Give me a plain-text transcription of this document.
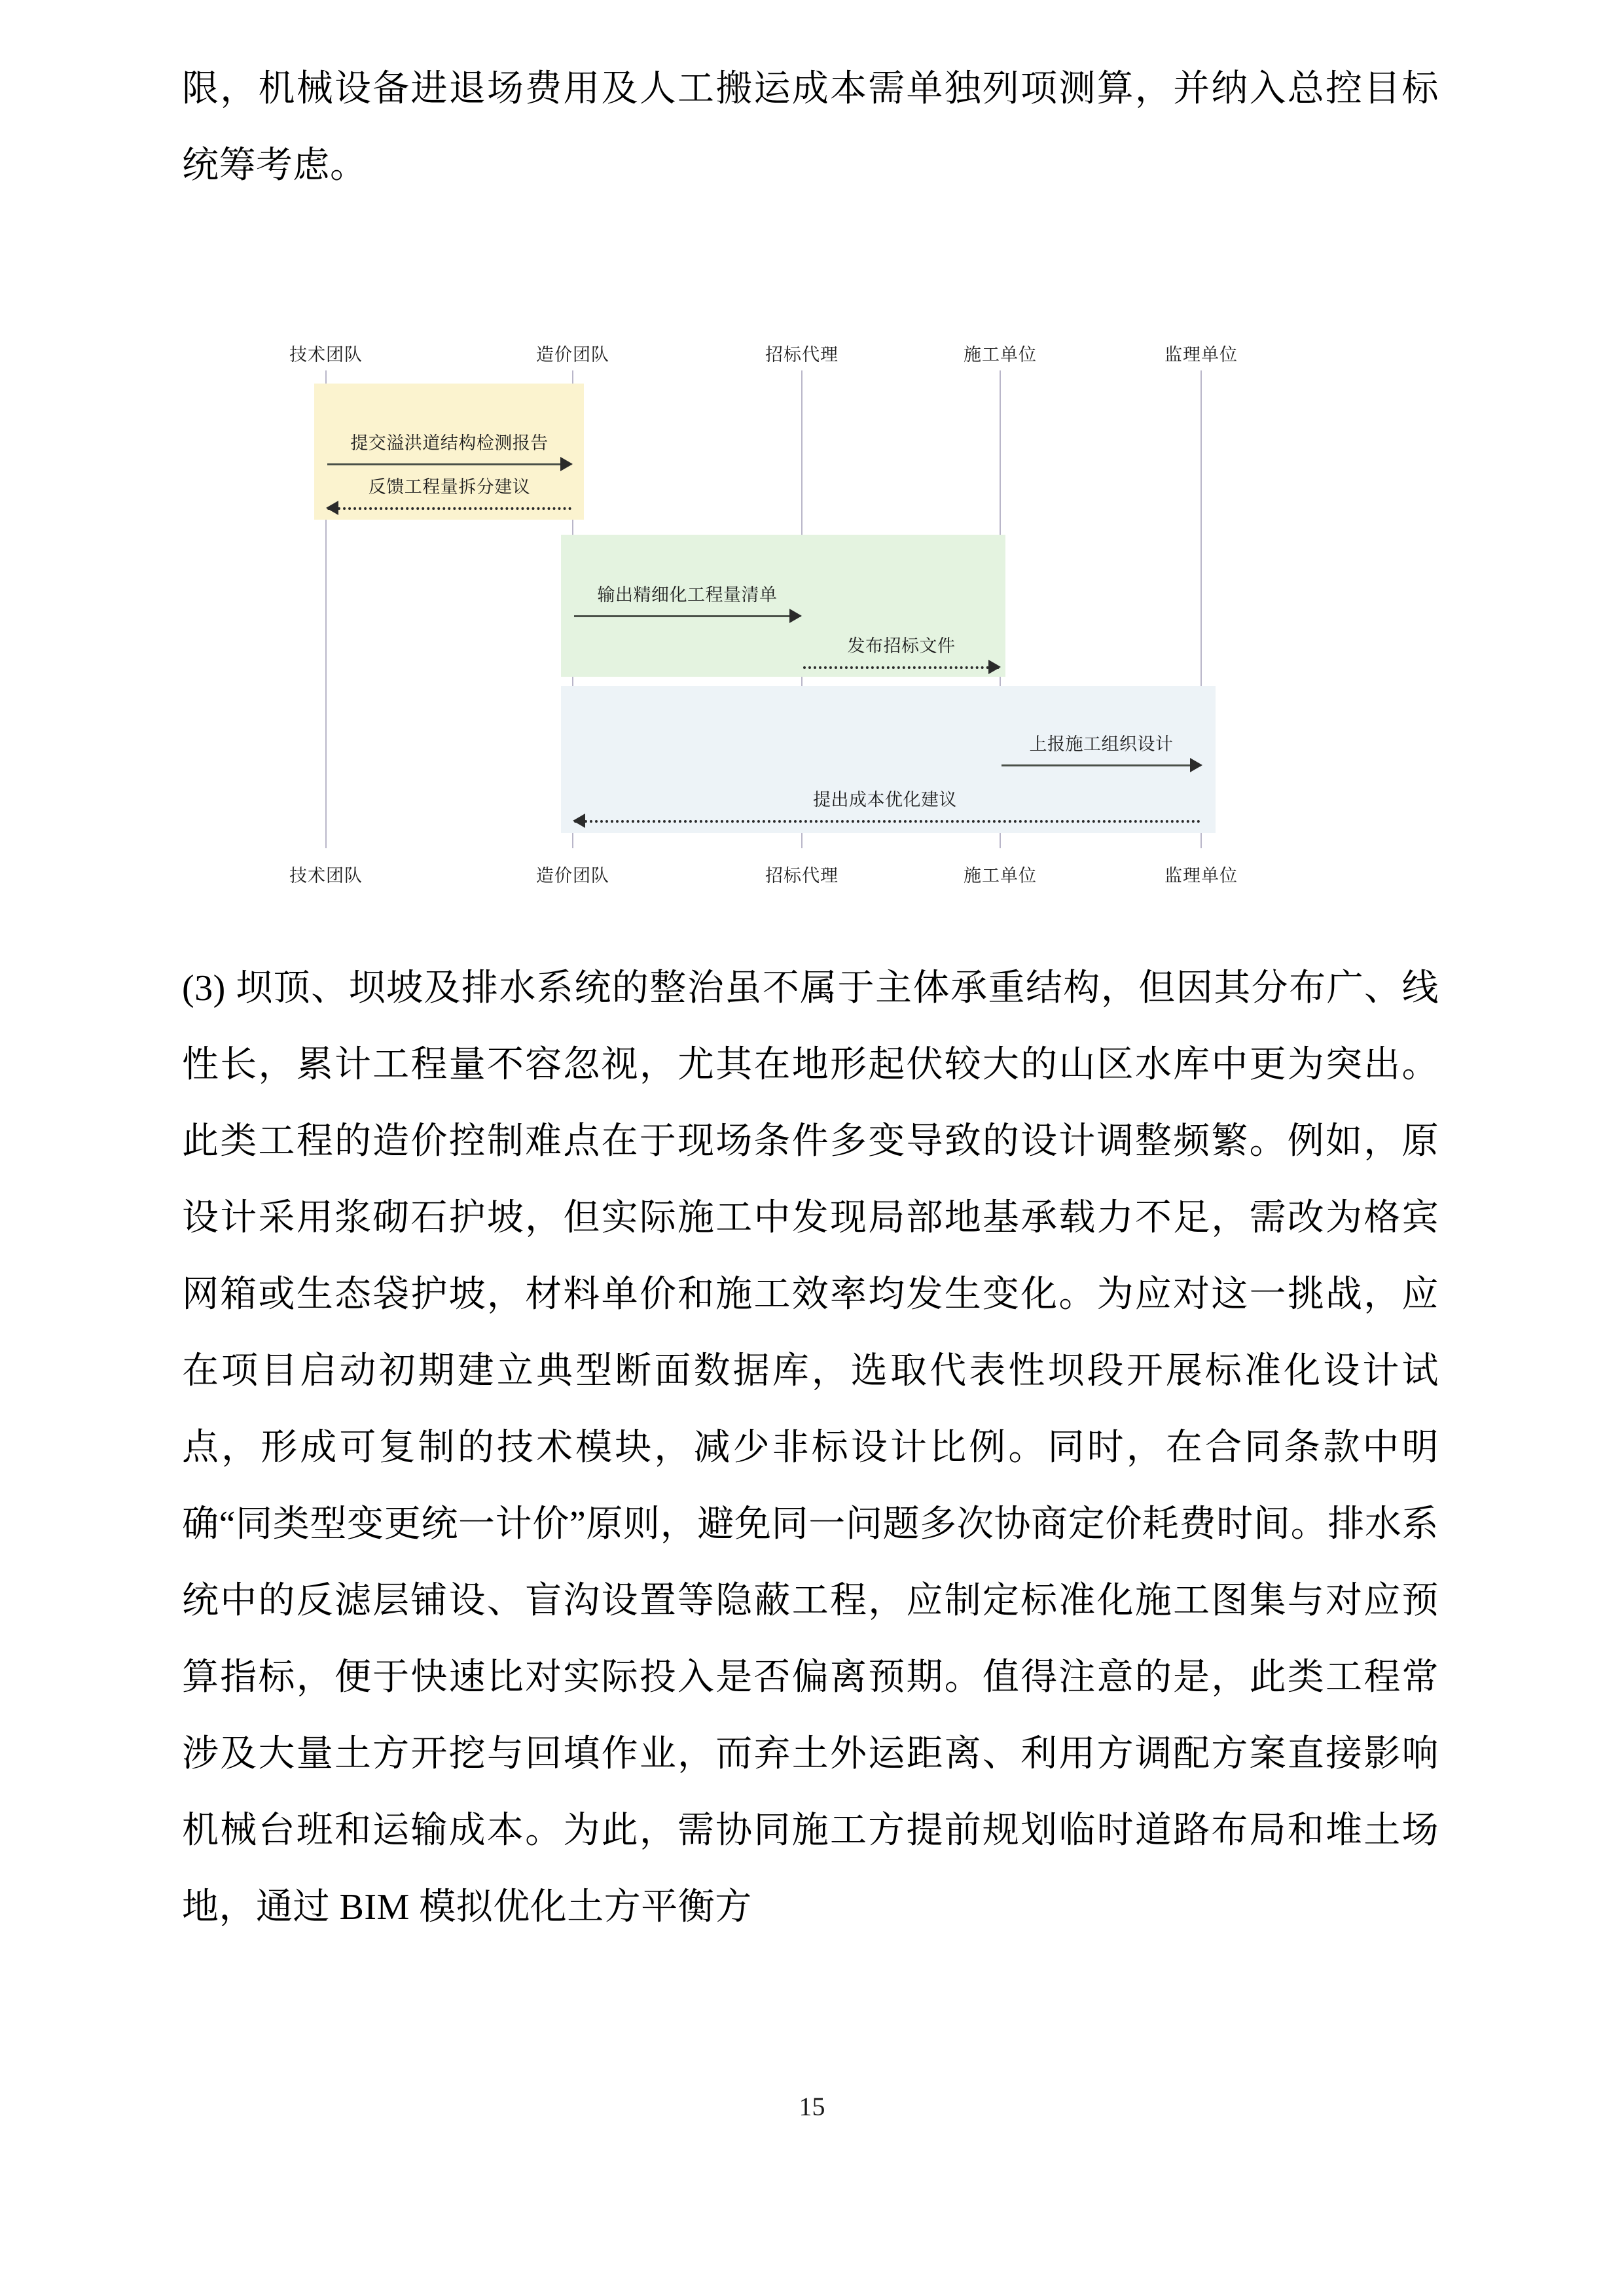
限，机械设备进退场费用及人工搬运成本需单独列项测算，并纳入总控目标统筹考虑。

技术团队	造价团队	招标代理	施工单位	监理单位
提交溢洪道结构检测报告
反馈工程量拆分建议
输出精细化工程量清单
发布招标文件
上报施工组织设计
提出成本优化建议
技术团队	造价团队	招标代理	施工单位	监理单位

(3) 坝顶、坝坡及排水系统的整治虽不属于主体承重结构，但因其分布广、线性长，累计工程量不容忽视，尤其在地形起伏较大的山区水库中更为突出。此类工程的造价控制难点在于现场条件多变导致的设计调整频繁。例如，原设计采用浆砌石护坡，但实际施工中发现局部地基承载力不足，需改为格宾网箱或生态袋护坡，材料单价和施工效率均发生变化。为应对这一挑战，应在项目启动初期建立典型断面数据库，选取代表性坝段开展标准化设计试点，形成可复制的技术模块，减少非标设计比例。同时，在合同条款中明确“同类型变更统一计价”原则，避免同一问题多次协商定价耗费时间。排水系统中的反滤层铺设、盲沟设置等隐蔽工程，应制定标准化施工图集与对应预算指标，便于快速比对实际投入是否偏离预期。值得注意的是，此类工程常涉及大量土方开挖与回填作业，而弃土外运距离、利用方调配方案直接影响机械台班和运输成本。为此，需协同施工方提前规划临时道路布局和堆土场地，通过 BIM 模拟优化土方平衡方

15
